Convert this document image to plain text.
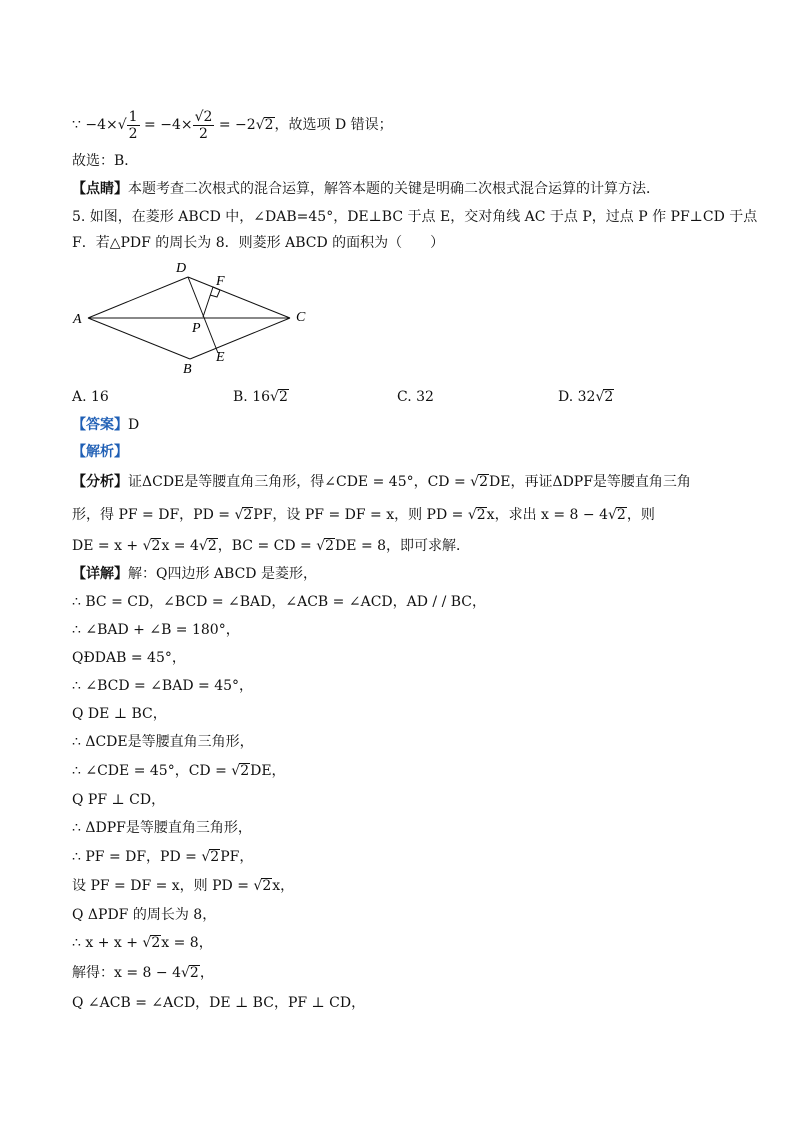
∵ $-4\times√ \frac{1}{2} = -4\times \frac{√2}{2} = -2√2$，故选项 D 错误；
故选：B．
【点睛】本题考查二次根式的混合运算，解答本题的关键是明确二次根式混合运算的计算方法．
5. 如图，在菱形 ABCD 中，∠DAB=45°，DE⊥BC 于点 E，交对角线 AC 于点 P，过点 P 作 PF⊥CD 于点
F．若△PDF 的周长为 8．则菱形 ABCD 的面积为（　　）
D
F
A	C
P
E
B
A. 16	B. 16√2	C. 32	D. 32√2
【答案】D
【解析】
【分析】证ΔCDE是等腰直角三角形，得∠CDE = 45°，CD = √2DE，再证ΔDPF是等腰直角三角
形，得 PF = DF，PD = √2PF，设 PF = DF = x，则 PD = √2x，求出 x = 8 − 4√2，则
DE = x + √2x = 4√2，BC = CD = √2DE = 8，即可求解．
【详解】解：Q四边形 ABCD 是菱形，
∴ BC = CD，∠BCD = ∠BAD，∠ACB = ∠ACD，AD / / BC，
∴ ∠BAD + ∠B = 180°，
QÐDAB = 45°，
∴ ∠BCD = ∠BAD = 45°，
Q DE ⊥ BC，
∴ ΔCDE是等腰直角三角形，
∴ ∠CDE = 45°，CD = √2DE，
Q PF ⊥ CD，
∴ ΔDPF是等腰直角三角形，
∴ PF = DF，PD = √2PF，
设 PF = DF = x，则 PD = √2x，
Q ΔPDF 的周长为 8，
∴ x + x + √2x = 8，
解得：x = 8 − 4√2，
Q ∠ACB = ∠ACD，DE ⊥ BC，PF ⊥ CD，
